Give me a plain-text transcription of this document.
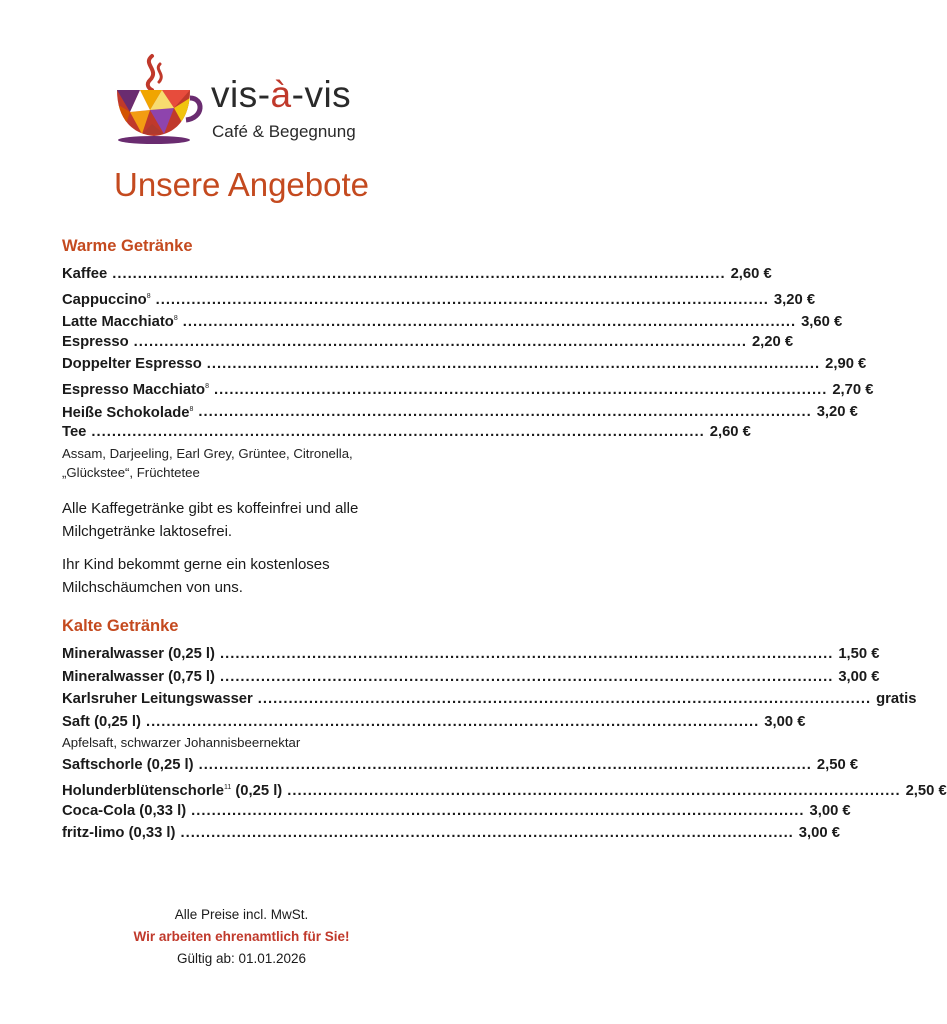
vis-à-vis
Café & Begegnung
Unsere Angebote
Warme Getränke
Kaffee ........................................................................................................................ 2,60 €
Cappuccino$^8$ ........................................................................................................................ 3,20 €
Latte Macchiato$^8$ ........................................................................................................................ 3,60 €
Espresso ........................................................................................................................ 2,20 €
Doppelter Espresso ........................................................................................................................ 2,90 €
Espresso Macchiato$^8$ ........................................................................................................................ 2,70 €
Heiße Schokolade$^8$ ........................................................................................................................ 3,20 €
Tee ........................................................................................................................ 2,60 €
Assam, Darjeeling, Earl Grey, Grüntee, Citronella,
„Glückstee“, Früchtetee
Alle Kaffegetränke gibt es koffeinfrei und alle
Milchgetränke laktosefrei.
Ihr Kind bekommt gerne ein kostenloses
Milchschäumchen von uns.
Kalte Getränke
Mineralwasser (0,25 l) ........................................................................................................................ 1,50 €
Mineralwasser (0,75 l) ........................................................................................................................ 3,00 €
Karlsruher Leitungswasser ........................................................................................................................ gratis
Saft (0,25 l) ........................................................................................................................ 3,00 €
Apfelsaft, schwarzer Johannisbeernektar
Saftschorle (0,25 l) ........................................................................................................................ 2,50 €
Holunderblütenschorle$^{11}$ (0,25 l) ........................................................................................................................ 2,50 €
Coca-Cola (0,33 l) ........................................................................................................................ 3,00 €
fritz-limo (0,33 l) ........................................................................................................................ 3,00 €
Alle Preise incl. MwSt.
Wir arbeiten ehrenamtlich für Sie!
Gültig ab: 01.01.2026
